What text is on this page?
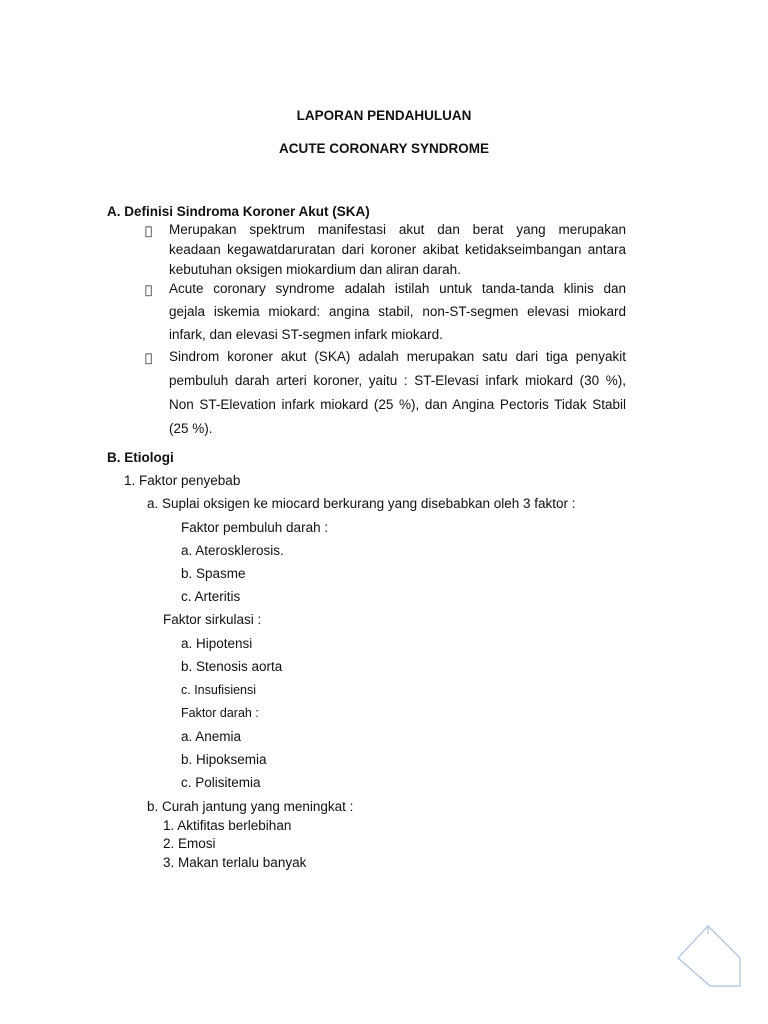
LAPORAN PENDAHULUAN
ACUTE CORONARY SYNDROME
A. Definisi Sindroma Koroner Akut (SKA)
Merupakan spektrum manifestasi akut dan berat yang merupakan
keadaan kegawatdaruratan dari koroner akibat ketidakseimbangan antara
kebutuhan oksigen miokardium dan aliran darah.
Acute coronary syndrome adalah istilah untuk tanda-tanda klinis dan
gejala iskemia miokard: angina stabil, non-ST-segmen elevasi miokard
infark, dan elevasi ST-segmen infark miokard.
Sindrom koroner akut (SKA) adalah merupakan satu dari tiga penyakit
pembuluh darah arteri koroner, yaitu : ST-Elevasi infark miokard (30 %),
Non ST-Elevation infark miokard (25 %), dan Angina Pectoris Tidak Stabil
(25 %).
B. Etiologi
1. Faktor penyebab
a. Suplai oksigen ke miocard berkurang yang disebabkan oleh 3 faktor :
Faktor pembuluh darah :
a. Aterosklerosis.
b. Spasme
c. Arteritis
Faktor sirkulasi :
a. Hipotensi
b. Stenosis aorta
c. Insufisiensi
Faktor darah :
a. Anemia
b. Hipoksemia
c. Polisitemia
b. Curah jantung yang meningkat :
1. Aktifitas berlebihan
2. Emosi
3. Makan terlalu banyak
